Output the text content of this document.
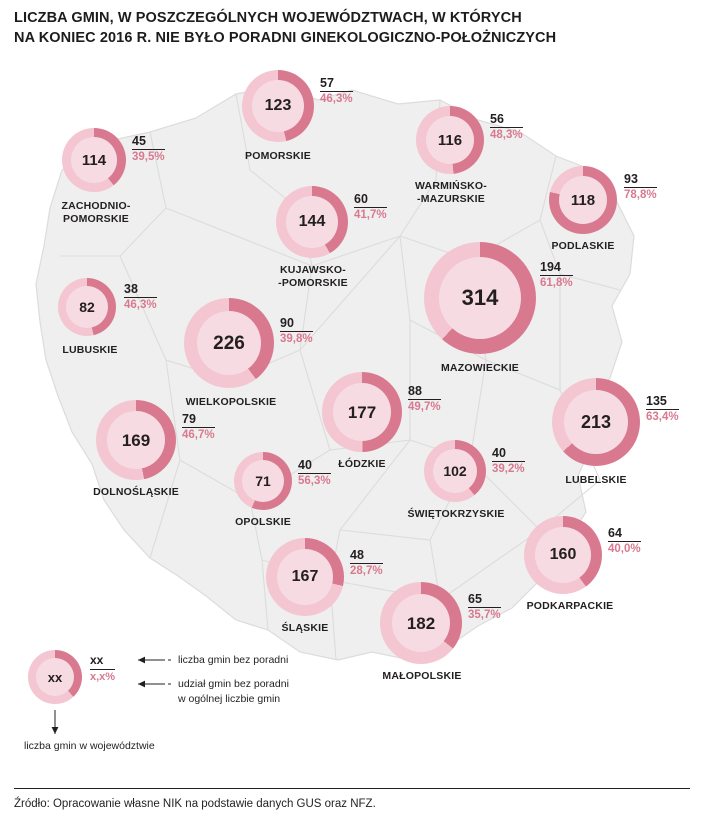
LICZBA GMIN, W POSZCZEGÓLNYCH WOJEWÓDZTWACH, W KTÓRYCH
NA KONIEC 2016 R. NIE BYŁO PORADNI GINEKOLOGICZNO-POŁOŻNICZYCH
114
45
39,5%
ZACHODNIO-
POMORSKIE
123
57
46,3%
POMORSKIE
116
56
48,3%
WARMIŃSKO-
-MAZURSKIE	118
93
78,8%
PODLASKIE
144
60
41,7%
KUJAWSKO-
-POMORSKIE
82
38
46,3%
LUBUSKIE	226
90
39,8%
WIELKOPOLSKIE
314
194
61,8%
MAZOWIECKIE
177
88
49,7%
ŁÓDZKIE
213
135
63,4%
LUBELSKIE
169
79
46,7%
DOLNOŚLĄSKIE
71
40
56,3%
OPOLSKIE
102
40
39,2%
ŚWIĘTOKRZYSKIE
160
64
40,0%
PODKARPACKIE
167
48
28,7%
ŚLĄSKIE	182
65
35,7%
MAŁOPOLSKIE
xx
xx
x,x%
liczba gmin bez poradni
udział gmin bez poradni
w ogólnej liczbie gmin
liczba gmin w województwie
Źródło: Opracowanie własne NIK na podstawie danych GUS oraz NFZ.
